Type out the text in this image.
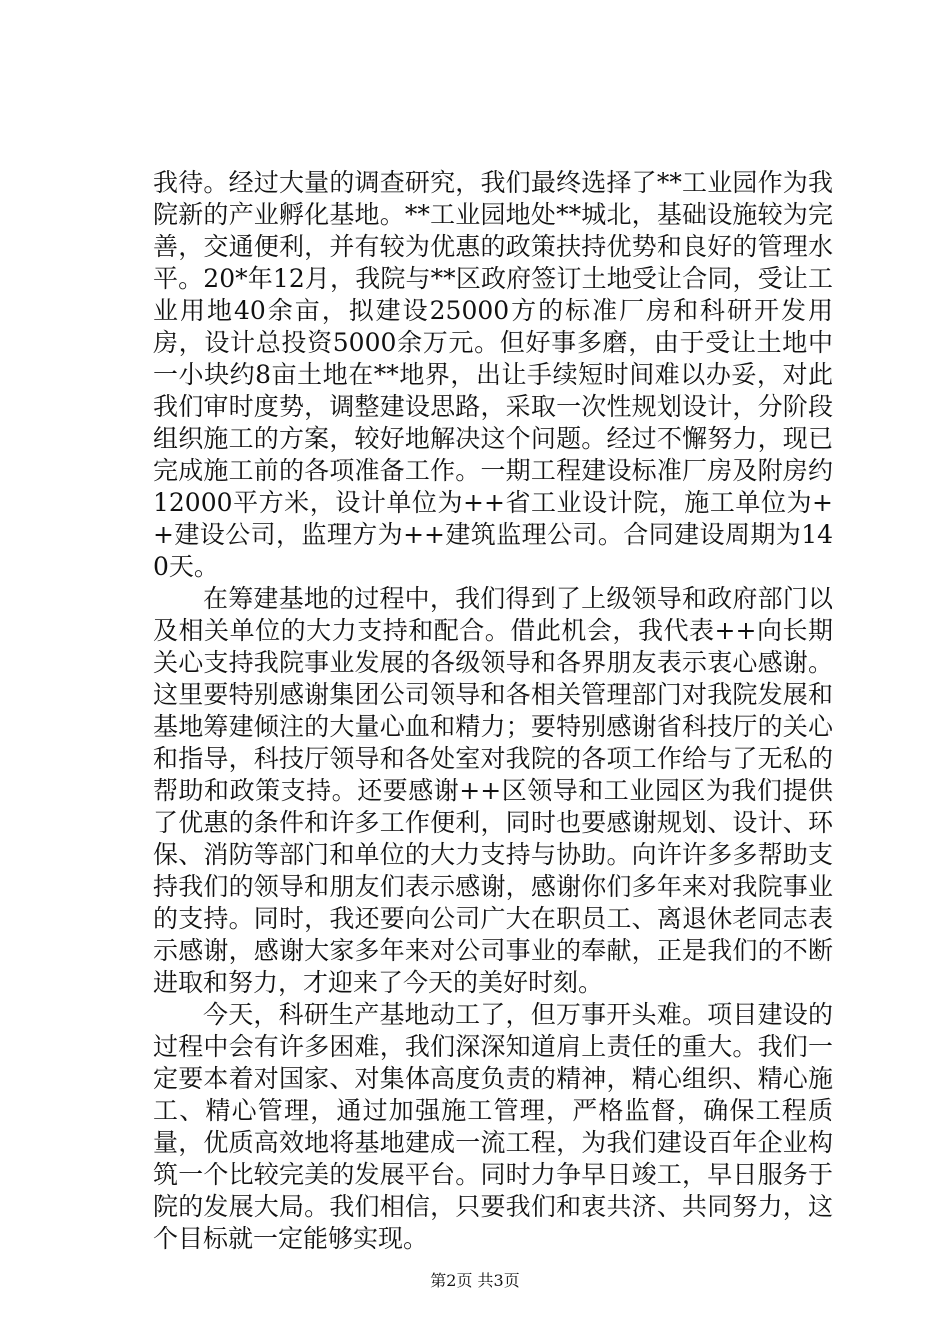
我待。经过大量的调查研究，我们最终选择了**工业园作为我院新的产业孵化基地。**工业园地处**城北，基础设施较为完善，交通便利，并有较为优惠的政策扶持优势和良好的管理水平。20*年12月，我院与**区政府签订土地受让合同，受让工业用地40余亩，拟建设25000方的标准厂房和科研开发用房，设计总投资5000余万元。但好事多磨，由于受让土地中一小块约8亩土地在**地界，出让手续短时间难以办妥，对此我们审时度势，调整建设思路，采取一次性规划设计，分阶段组织施工的方案，较好地解决这个问题。经过不懈努力，现已完成施工前的各项准备工作。一期工程建设标准厂房及附房约12000平方米，设计单位为++省工业设计院，施工单位为++建设公司，监理方为++建筑监理公司。合同建设周期为140天。

在筹建基地的过程中，我们得到了上级领导和政府部门以及相关单位的大力支持和配合。借此机会，我代表++向长期关心支持我院事业发展的各级领导和各界朋友表示衷心感谢。这里要特别感谢集团公司领导和各相关管理部门对我院发展和基地筹建倾注的大量心血和精力；要特别感谢省科技厅的关心和指导，科技厅领导和各处室对我院的各项工作给与了无私的帮助和政策支持。还要感谢++区领导和工业园区为我们提供了优惠的条件和许多工作便利，同时也要感谢规划、设计、环保、消防等部门和单位的大力支持与协助。向许许多多帮助支持我们的领导和朋友们表示感谢，感谢你们多年来对我院事业的支持。同时，我还要向公司广大在职员工、离退休老同志表示感谢，感谢大家多年来对公司事业的奉献，正是我们的不断进取和努力，才迎来了今天的美好时刻。

今天，科研生产基地动工了，但万事开头难。项目建设的过程中会有许多困难，我们深深知道肩上责任的重大。我们一定要本着对国家、对集体高度负责的精神，精心组织、精心施工、精心管理，通过加强施工管理，严格监督，确保工程质量，优质高效地将基地建成一流工程，为我们建设百年企业构筑一个比较完美的发展平台。同时力争早日竣工，早日服务于院的发展大局。我们相信，只要我们和衷共济、共同努力，这个目标就一定能够实现。

第2页 共3页
